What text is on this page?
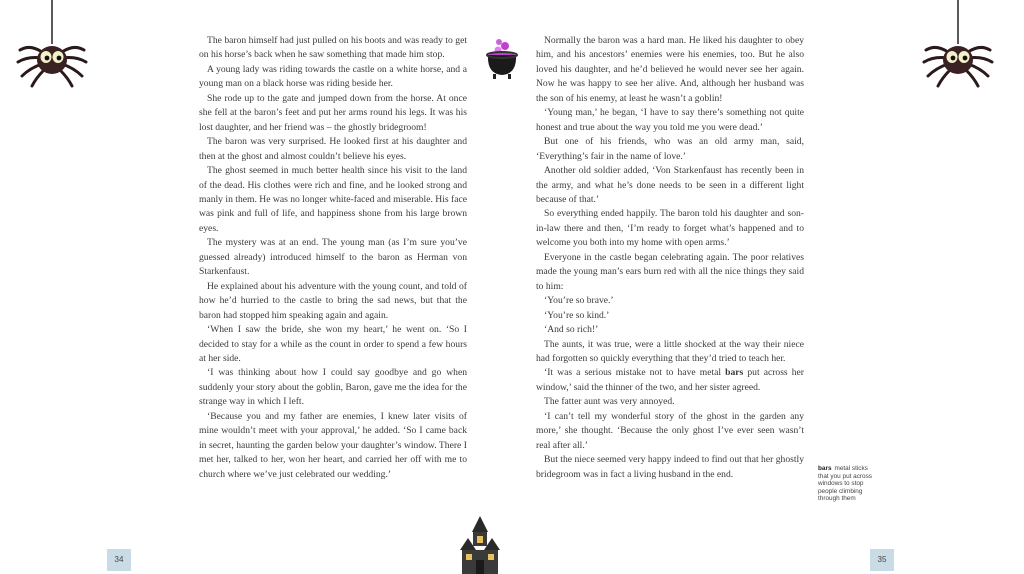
The baron himself had just pulled on his boots and was ready to get on his horse’s back when he saw something that made him stop.

A young lady was riding towards the castle on a white horse, and a young man on a black horse was riding beside her.

She rode up to the gate and jumped down from the horse. At once she fell at the baron’s feet and put her arms round his legs. It was his lost daughter, and her friend was – the ghostly bridegroom!

The baron was very surprised. He looked first at his daughter and then at the ghost and almost couldn’t believe his eyes.

The ghost seemed in much better health since his visit to the land of the dead. His clothes were rich and fine, and he looked strong and manly in them. He was no longer white-faced and miserable. His face was pink and full of life, and happiness shone from his large brown eyes.

The mystery was at an end. The young man (as I’m sure you’ve guessed already) introduced himself to the baron as Herman von Starkenfaust.

He explained about his adventure with the young count, and told of how he’d hurried to the castle to bring the sad news, but that the baron had stopped him speaking again and again.

‘When I saw the bride, she won my heart,’ he went on. ‘So I decided to stay for a while as the count in order to spend a few hours at her side.

‘I was thinking about how I could say goodbye and go when suddenly your story about the goblin, Baron, gave me the idea for the strange way in which I left.

‘Because you and my father are enemies, I knew later visits of mine wouldn’t meet with your approval,’ he added. ‘So I came back in secret, haunting the garden below your daughter’s window. There I met her, talked to her, won her heart, and carried her off with me to church where we’ve just celebrated our wedding.’

Normally the baron was a hard man. He liked his daughter to obey him, and his ancestors’ enemies were his enemies, too. But he also loved his daughter, and he’d believed he would never see her again. Now he was happy to see her alive. And, although her husband was the son of his enemy, at least he wasn’t a goblin!

‘Young man,’ he began, ‘I have to say there’s something not quite honest and true about the way you told me you were dead.’

But one of his friends, who was an old army man, said, ‘Everything’s fair in the name of love.’

Another old soldier added, ‘Von Starkenfaust has recently been in the army, and what he’s done needs to be seen in a different light because of that.’

So everything ended happily. The baron told his daughter and son-in-law there and then, ‘I’m ready to forget what’s happened and to welcome you both into my home with open arms.’

Everyone in the castle began celebrating again. The poor relatives made the young man’s ears burn red with all the nice things they said to him:

‘You’re so brave.’

‘You’re so kind.’

‘And so rich!’

The aunts, it was true, were a little shocked at the way their niece had forgotten so quickly everything that they’d tried to teach her.

‘It was a serious mistake not to have metal bars put across her window,’ said the thinner of the two, and her sister agreed.

The fatter aunt was very annoyed.

‘I can’t tell my wonderful story of the ghost in the garden any more,’ she thought. ‘Because the only ghost I’ve ever seen wasn’t real after all.’

But the niece seemed very happy indeed to find out that her ghostly bridegroom was in fact a living husband in the end.

bars metal sticks that you put across windows to stop people climbing through them
34	35
